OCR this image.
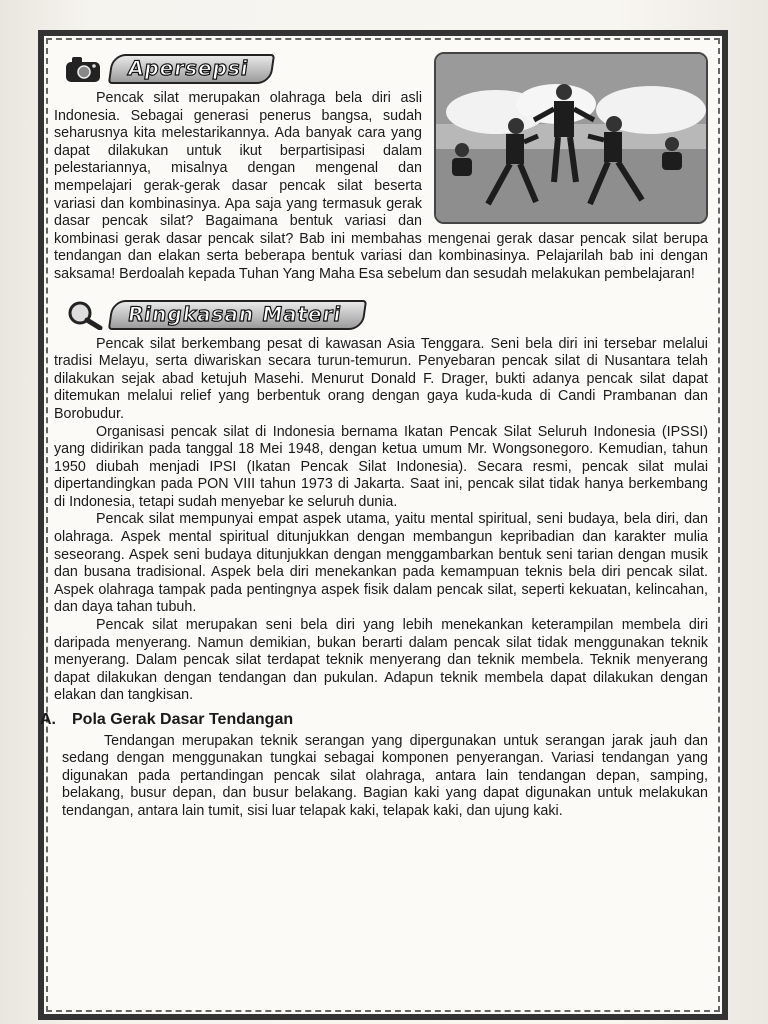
Apersepsi

Pencak silat merupakan olahraga bela diri asli Indonesia. Sebagai generasi penerus bangsa, sudah seharusnya kita melestarikannya. Ada banyak cara yang dapat dilakukan untuk ikut berpartisipasi dalam pelestariannya, misalnya dengan mengenal dan mempelajari gerak-gerak dasar pencak silat beserta variasi dan kombinasinya. Apa saja yang termasuk gerak dasar pencak silat? Bagaimana bentuk variasi dan kombinasi gerak dasar pencak silat? Bab ini membahas mengenai gerak dasar pencak silat berupa tendangan dan elakan serta beberapa bentuk variasi dan kombinasinya. Pelajarilah bab ini dengan saksama! Berdoalah kepada Tuhan Yang Maha Esa sebelum dan sesudah melakukan pembelajaran!

Ringkasan Materi

Pencak silat berkembang pesat di kawasan Asia Tenggara. Seni bela diri ini tersebar melalui tradisi Melayu, serta diwariskan secara turun-temurun. Penyebaran pencak silat di Nusantara telah dilakukan sejak abad ketujuh Masehi. Menurut Donald F. Drager, bukti adanya pencak silat dapat ditemukan melalui relief yang berbentuk orang dengan gaya kuda-kuda di Candi Prambanan dan Borobudur.

Organisasi pencak silat di Indonesia bernama Ikatan Pencak Silat Seluruh Indonesia (IPSSI) yang didirikan pada tanggal 18 Mei 1948, dengan ketua umum Mr. Wongsonegoro. Kemudian, tahun 1950 diubah menjadi IPSI (Ikatan Pencak Silat Indonesia). Secara resmi, pencak silat mulai dipertandingkan pada PON VIII tahun 1973 di Jakarta. Saat ini, pencak silat tidak hanya berkembang di Indonesia, tetapi sudah menyebar ke seluruh dunia.

Pencak silat mempunyai empat aspek utama, yaitu mental spiritual, seni budaya, bela diri, dan olahraga. Aspek mental spiritual ditunjukkan dengan membangun kepribadian dan karakter mulia seseorang. Aspek seni budaya ditunjukkan dengan menggambarkan bentuk seni tarian dengan musik dan busana tradisional. Aspek bela diri menekankan pada kemampuan teknis bela diri pencak silat. Aspek olahraga tampak pada pentingnya aspek fisik dalam pencak silat, seperti kekuatan, kelincahan, dan daya tahan tubuh.

Pencak silat merupakan seni bela diri yang lebih menekankan keterampilan membela diri daripada menyerang. Namun demikian, bukan berarti dalam pencak silat tidak menggunakan teknik menyerang. Dalam pencak silat terdapat teknik menyerang dan teknik membela. Teknik menyerang dapat dilakukan dengan tendangan dan pukulan. Adapun teknik membela dapat dilakukan dengan elakan dan tangkisan.

A. Pola Gerak Dasar Tendangan

Tendangan merupakan teknik serangan yang dipergunakan untuk serangan jarak jauh dan sedang dengan menggunakan tungkai sebagai komponen penyerangan. Variasi tendangan yang digunakan pada pertandingan pencak silat olahraga, antara lain tendangan depan, samping, belakang, busur depan, dan busur belakang. Bagian kaki yang dapat digunakan untuk melakukan tendangan, antara lain tumit, sisi luar telapak kaki, telapak kaki, dan ujung kaki.
